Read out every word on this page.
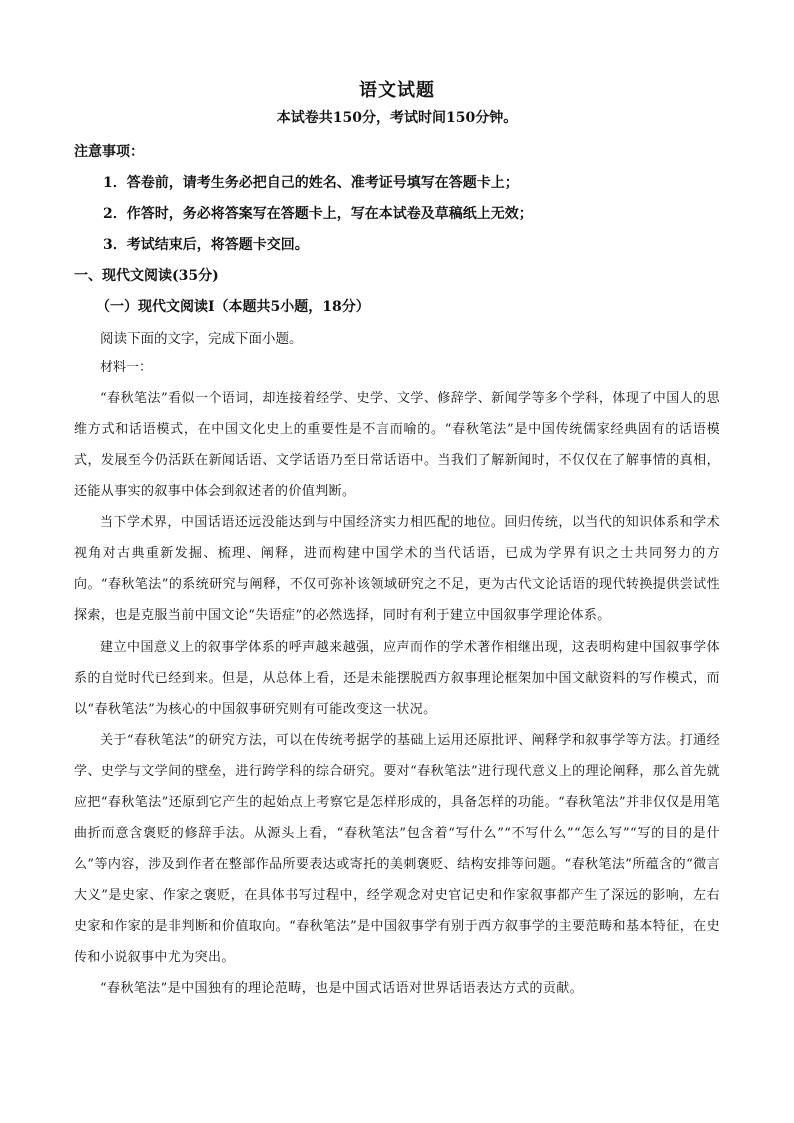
语文试题
本试卷共150分，考试时间150分钟。
注意事项：
1．答卷前，请考生务必把自己的姓名、准考证号填写在答题卡上；
2．作答时，务必将答案写在答题卡上，写在本试卷及草稿纸上无效；
3．考试结束后，将答题卡交回。
一、现代文阅读(35分)
（一）现代文阅读Ⅰ（本题共5小题，18分）
阅读下面的文字，完成下面小题。
材料一：
“春秋笔法”看似一个语词，却连接着经学、史学、文学、修辞学、新闻学等多个学科，体现了中国人的思维方式和话语模式，在中国文化史上的重要性是不言而喻的。“春秋笔法”是中国传统儒家经典固有的话语模式，发展至今仍活跃在新闻话语、文学话语乃至日常话语中。当我们了解新闻时，不仅仅在了解事情的真相，还能从事实的叙事中体会到叙述者的价值判断。
当下学术界，中国话语还远没能达到与中国经济实力相匹配的地位。回归传统，以当代的知识体系和学术视角对古典重新发掘、梳理、阐释，进而构建中国学术的当代话语，已成为学界有识之士共同努力的方向。“春秋笔法”的系统研究与阐释，不仅可弥补该领域研究之不足，更为古代文论话语的现代转换提供尝试性探索，也是克服当前中国文论“失语症”的必然选择，同时有利于建立中国叙事学理论体系。
建立中国意义上的叙事学体系的呼声越来越强，应声而作的学术著作相继出现，这表明构建中国叙事学体系的自觉时代已经到来。但是，从总体上看，还是未能摆脱西方叙事理论框架加中国文献资料的写作模式，而以“春秋笔法”为核心的中国叙事研究则有可能改变这一状况。
关于“春秋笔法”的研究方法，可以在传统考据学的基础上运用还原批评、阐释学和叙事学等方法。打通经学、史学与文学间的壁垒，进行跨学科的综合研究。要对“春秋笔法”进行现代意义上的理论阐释，那么首先就应把“春秋笔法”还原到它产生的起始点上考察它是怎样形成的，具备怎样的功能。“春秋笔法”并非仅仅是用笔曲折而意含褒贬的修辞手法。从源头上看，“春秋笔法”包含着“写什么”“不写什么”“怎么写”“写的目的是什么”等内容，涉及到作者在整部作品所要表达或寄托的美刺褒贬、结构安排等问题。“春秋笔法”所蕴含的“微言大义”是史家、作家之褒贬，在具体书写过程中，经学观念对史官记史和作家叙事都产生了深远的影响，左右史家和作家的是非判断和价值取向。“春秋笔法”是中国叙事学有别于西方叙事学的主要范畴和基本特征，在史传和小说叙事中尤为突出。
“春秋笔法”是中国独有的理论范畴，也是中国式话语对世界话语表达方式的贡献。
